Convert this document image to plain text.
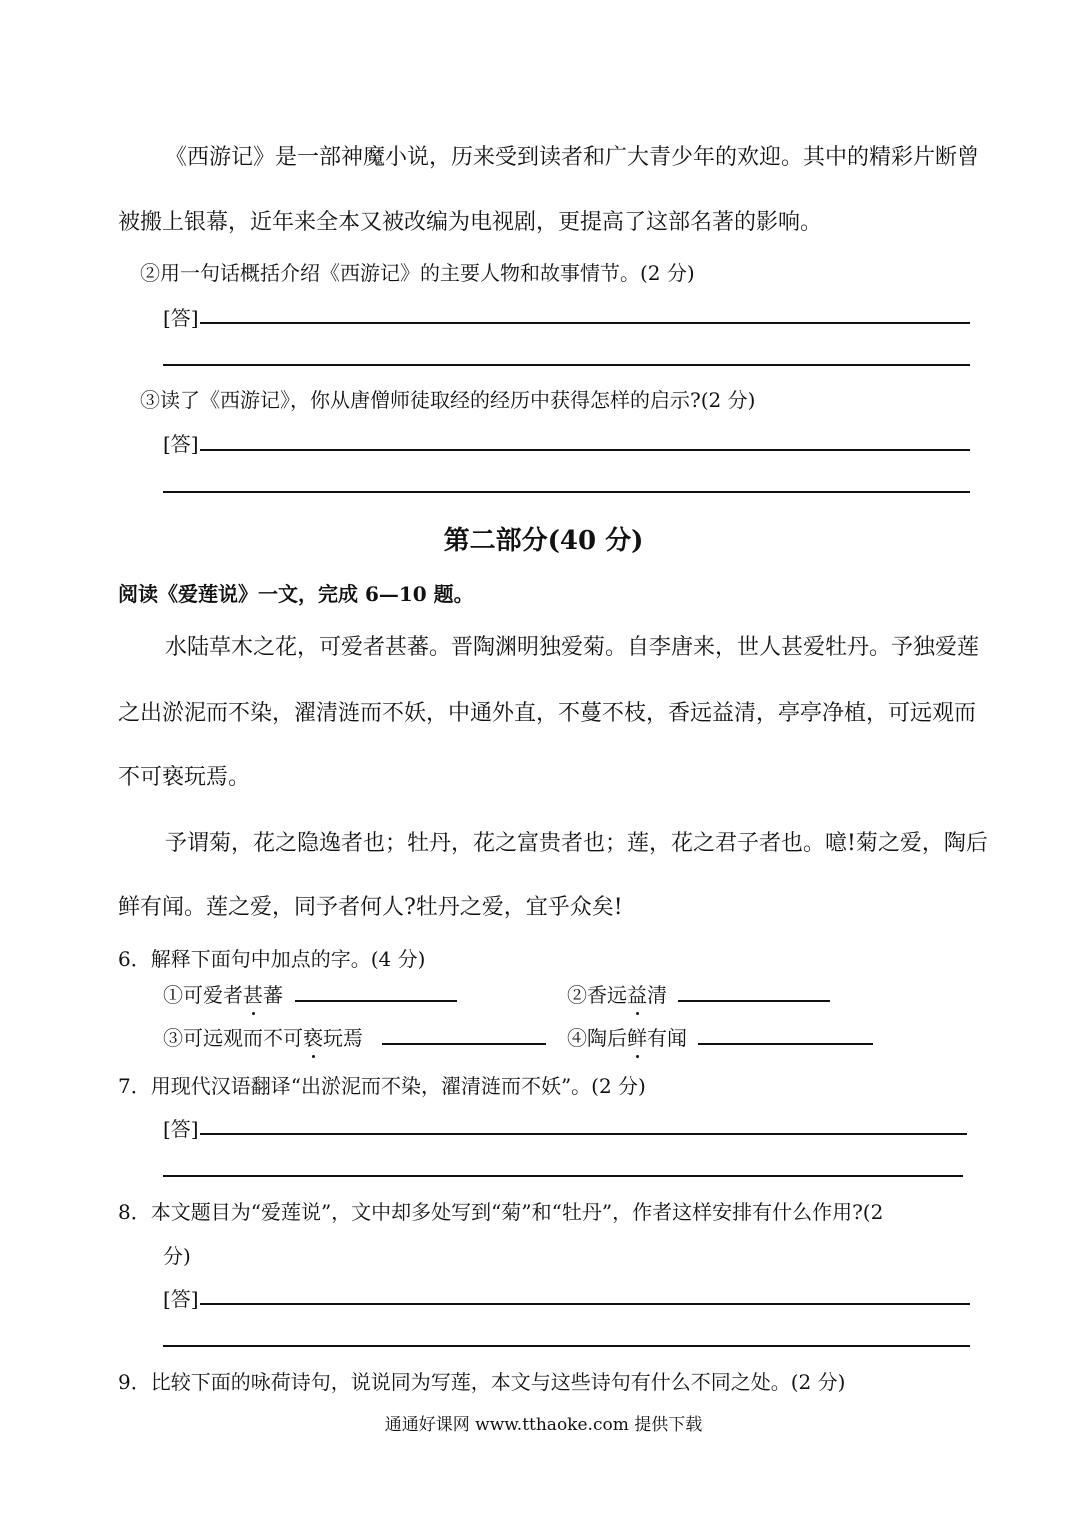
《西游记》是一部神魔小说，历来受到读者和广大青少年的欢迎。其中的精彩片断曾
被搬上银幕，近年来全本又被改编为电视剧，更提高了这部名著的影响。
②用一句话概括介绍《西游记》的主要人物和故事情节。(2 分)
[答]
③读了《西游记》，你从唐僧师徒取经的经历中获得怎样的启示?(2 分)
[答]
第二部分(40 分)
阅读《爱莲说》一文，完成 6—10 题。
水陆草木之花，可爱者甚蕃。晋陶渊明独爱菊。自李唐来，世人甚爱牡丹。予独爱莲
之出淤泥而不染，濯清涟而不妖，中通外直，不蔓不枝，香远益清，亭亭净植，可远观而
不可亵玩焉。
予谓菊，花之隐逸者也；牡丹，花之富贵者也；莲，花之君子者也。噫!菊之爱，陶后
鲜有闻。莲之爱，同予者何人?牡丹之爱，宜乎众矣!
6．解释下面句中加点的字。(4 分)
①可爱者甚蕃	②香远益清
③可远观而不可亵玩焉	④陶后鲜有闻
7．用现代汉语翻译“出淤泥而不染，濯清涟而不妖”。(2 分)
[答]
8．本文题目为“爱莲说”，文中却多处写到“菊”和“牡丹”，作者这样安排有什么作用?(2
分)
[答]
9．比较下面的咏荷诗句，说说同为写莲，本文与这些诗句有什么不同之处。(2 分)
通通好课网 www.tthaoke.com 提供下载
